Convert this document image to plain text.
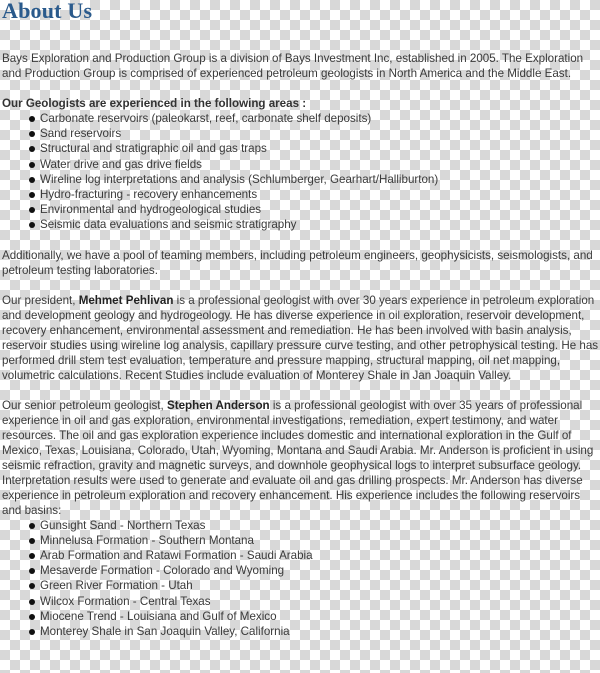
About Us

Bays Exploration and Production Group is a division of Bays Investment Inc, established in 2005. The Exploration and Production Group is comprised of experienced petroleum geologists in North America and the Middle East.

Our Geologists are experienced in the following areas :

Carbonate reservoirs (paleokarst, reef, carbonate shelf deposits)
Sand reservoirs
Structural and stratigraphic oil and gas traps
Water drive and gas drive fields
Wireline log interpretations and analysis (Schlumberger, Gearhart/Halliburton)
Hydro-fracturing - recovery enhancements
Environmental and hydrogeological studies
Seismic data evaluations and seismic stratigraphy

Additionally, we have a pool of teaming members, including petroleum engineers, geophysicists, seismologists, and petroleum testing laboratories.

Our president, Mehmet Pehlivan is a professional geologist with over 30 years experience in petroleum exploration and development geology and hydrogeology. He has diverse experience in oil exploration, reservoir development, recovery enhancement, environmental assessment and remediation. He has been involved with basin analysis, reservoir studies using wireline log analysis, capillary pressure curve testing, and other petrophysical testing. He has performed drill stem test evaluation, temperature and pressure mapping, structural mapping, oil net mapping, volumetric calculations. Recent Studies include evaluation of Monterey Shale in Jan Joaquin Valley.

Our senior petroleum geologist, Stephen Anderson is a professional geologist with over 35 years of professional experience in oil and gas exploration, environmental investigations, remediation, expert testimony, and water resources. The oil and gas exploration experience includes domestic and international exploration in the Gulf of Mexico, Texas, Louisiana, Colorado, Utah, Wyoming, Montana and Saudi Arabia. Mr. Anderson is proficient in using seismic refraction, gravity and magnetic surveys, and downhole geophysical logs to interpret subsurface geology. Interpretation results were used to generate and evaluate oil and gas drilling prospects. Mr. Anderson has diverse experience in petroleum exploration and recovery enhancement. His experience includes the following reservoirs and basins:

Gunsight Sand - Northern Texas
Minnelusa Formation - Southern Montana
Arab Formation and Ratawi Formation - Saudi Arabia
Mesaverde Formation - Colorado and Wyoming
Green River Formation - Utah
Wilcox Formation - Central Texas
Miocene Trend - Louisiana and Gulf of Mexico
Monterey Shale in San Joaquin Valley, California
